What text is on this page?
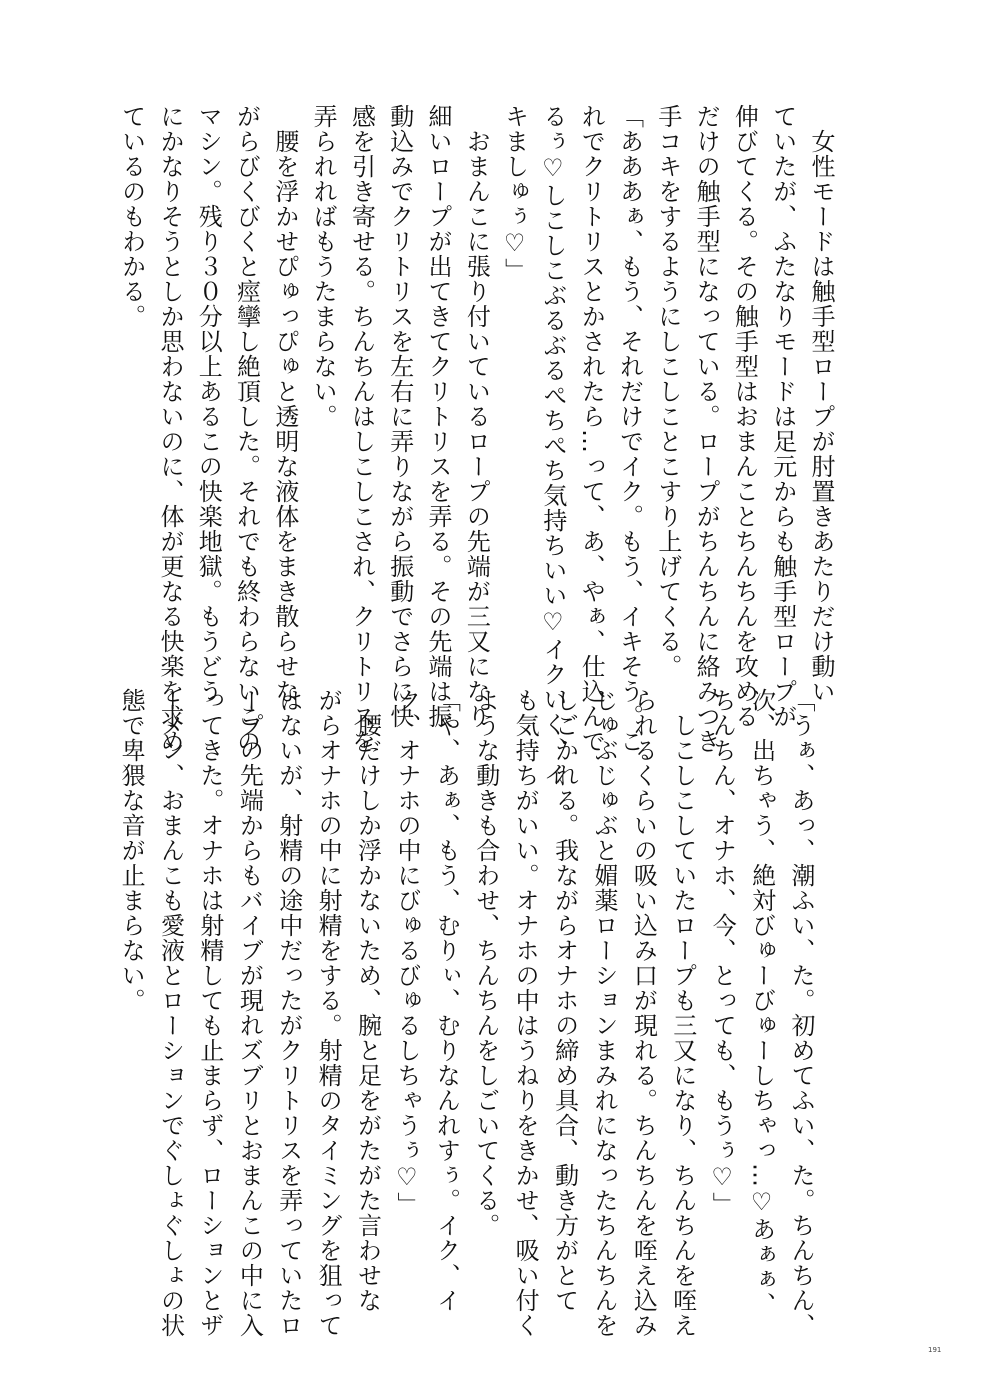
　女性モードは触手型ロープが肘置きあたりだけ動い
ていたが、ふたなりモードは足元からも触手型ロープが
伸びてくる。その触手型はおまんことちんちんを攻める
だけの触手型になっている。ロープがちんちんに絡みつき
手コキをするようにしこしことこすり上げてくる。
「あああぁ、もう、それだけでイク。もう、イキそう。こ
れでクリトリスとかされたら…って、あ、やぁ、仕込んで
るぅ♡しこしこぶるぶるぺちぺち気持ちいい♡イクいく、イ
キましゅぅ♡」
　おまんこに張り付いているロープの先端が三又になり
細いロープが出てきてクリトリスを弄る。その先端は振
動込みでクリトリスを左右に弄りながら振動でさらに快
感を引き寄せる。ちんちんはしこしこされ、クリトリスを
弄られればもうたまらない。
　腰を浮かせぴゅっぴゅと透明な液体をまき散らせな
がらびくびくと痙攣し絶頂した。それでも終わらないこの
マシン。残り３０分以上あるこの快楽地獄。もうどう
にかなりそうとしか思わないのに、体が更なる快楽を求め
ているのもわかる。
「うぁ、あっ、潮ふい、た。初めてふい、た。ちんちん、
次、出ちゃう、絶対びゅーびゅーしちゃっ…♡あぁぁ、
ちんちん、オナホ、今、とっても、もうぅ♡」
　しこしこしていたロープも三又になり、ちんちんを咥え
られるくらいの吸い込み口が現れる。ちんちんを咥え込み
じゅぶじゅぶと媚薬ローションまみれになったちんちんを
しごかれる。我ながらオナホの締め具合、動き方がとて
も気持ちがいい。オナホの中はうねりをきかせ、吸い付く
ような動きも合わせ、ちんちんをしごいてくる。
「や、あぁ、もう、むりぃ、むりなんれすぅ。イク、イ
ク、オナホの中にびゅるびゅるしちゃうぅ♡」
　腰だけしか浮かないため、腕と足をがたがた言わせな
がらオナホの中に射精をする。射精のタイミングを狙って
はないが、射精の途中だったがクリトリスを弄っていたロ
ープの先端からもバイブが現れズブリとおまんこの中に入
ってきた。オナホは射精しても止まらず、ローションとザ
ーメン、おまんこも愛液とローションでぐしょぐしょの状
態で卑猥な音が止まらない。
191
